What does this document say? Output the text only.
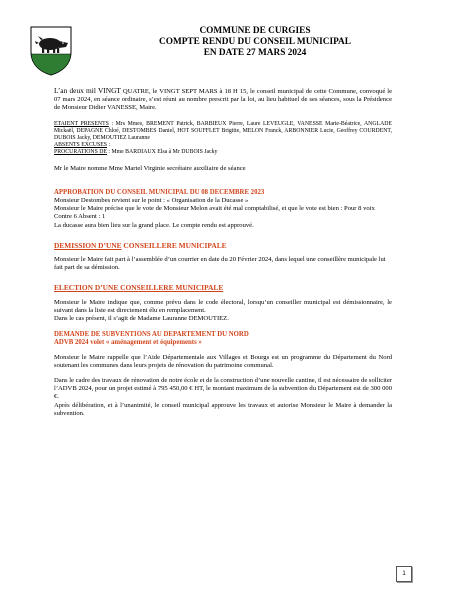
COMMUNE DE CURGIES
COMPTE RENDU DU CONSEIL MUNICIPAL
EN DATE 27 MARS 2024

L’an deux mil VINGT QUATRE, le VINGT SEPT MARS à 18 H 15, le conseil municipal de cette Commune, convoqué le 07 mars 2024, en séance ordinaire, s’est réuni au nombre prescrit par la loi, au lieu habituel de ses séances, sous la Présidence de Monsieur Didier VANESSE, Maire.

ETAIENT PRESENTS : Mrs Mmes, BREMENT Patrick, BARBIEUX Pierre, Laure LEVEUGLE, VANESSE Marie-Béatrice, ANGLADE Mickaël, DEPAGNE Chloé, DESTOMBES Daniel, HOT SOUFFLET Brigitte, MELON Franck, ARBONNIER Lucie, Geoffrey COURDENT, DUBOIS Jacky, DEMOUTIEZ Lauranne

ABSENTS EXCUSES :

PROCURATIONS DE : Mme BARDIAUX Elsa à Mr DUBOIS Jacky

Mr le Maire nomme Mme Martel Virginie secrétaire auxiliaire de séance

APPROBATION DU CONSEIL MUNICIPAL DU 08 DECEMBRE 2023

Monsieur Destombes revient sur le point : « Organisation de la Ducasse »

Monsieur le Maire précise que le vote de Monsieur Melon avait été mal comptabilisé, et que le vote est bien : Pour 8 voix Contre 6 Absent : 1

La ducasse aura bien lieu sur la grand place. Le compte rendu est approuvé.

DEMISSION D’UNE CONSEILLERE MUNICIPALE

Monsieur le Maire fait part à l’assemblée d’un courrier en date du 20 Février 2024, dans lequel une conseillère municipale lui fait part de sa démission.

ELECTION D’UNE CONSEILLERE MUNICIPALE

Monsieur le Maire indique que, comme prévu dans le code électoral, lorsqu’un conseiller municipal est démissionnaire, le suivant dans la liste est directement élu en remplacement.

Dans le cas présent, il s’agit de Madame Lauranne DEMOUTIEZ.

DEMANDE DE SUBVENTIONS AU DEPARTEMENT DU NORD

ADVB 2024 volet « aménagement et équipements »

Monsieur le Maire rappelle que l’Aide Départementale aux Villages et Bourgs est un programme du Département du Nord soutenant les communes dans leurs projets de rénovation du patrimoine communal.

Dans le cadre des travaux de rénovation de notre école et de la construction d’une nouvelle cantine, il est nécessaire de solliciter l’ADVB 2024, pour un projet estimé à 795 450,00 € HT, le montant maximum de la subvention du Département est de 300 000 €.

Après délibération, et à l’unanimité, le conseil municipal approuve les travaux et autorise Monsieur le Maire à demander la subvention.

1
